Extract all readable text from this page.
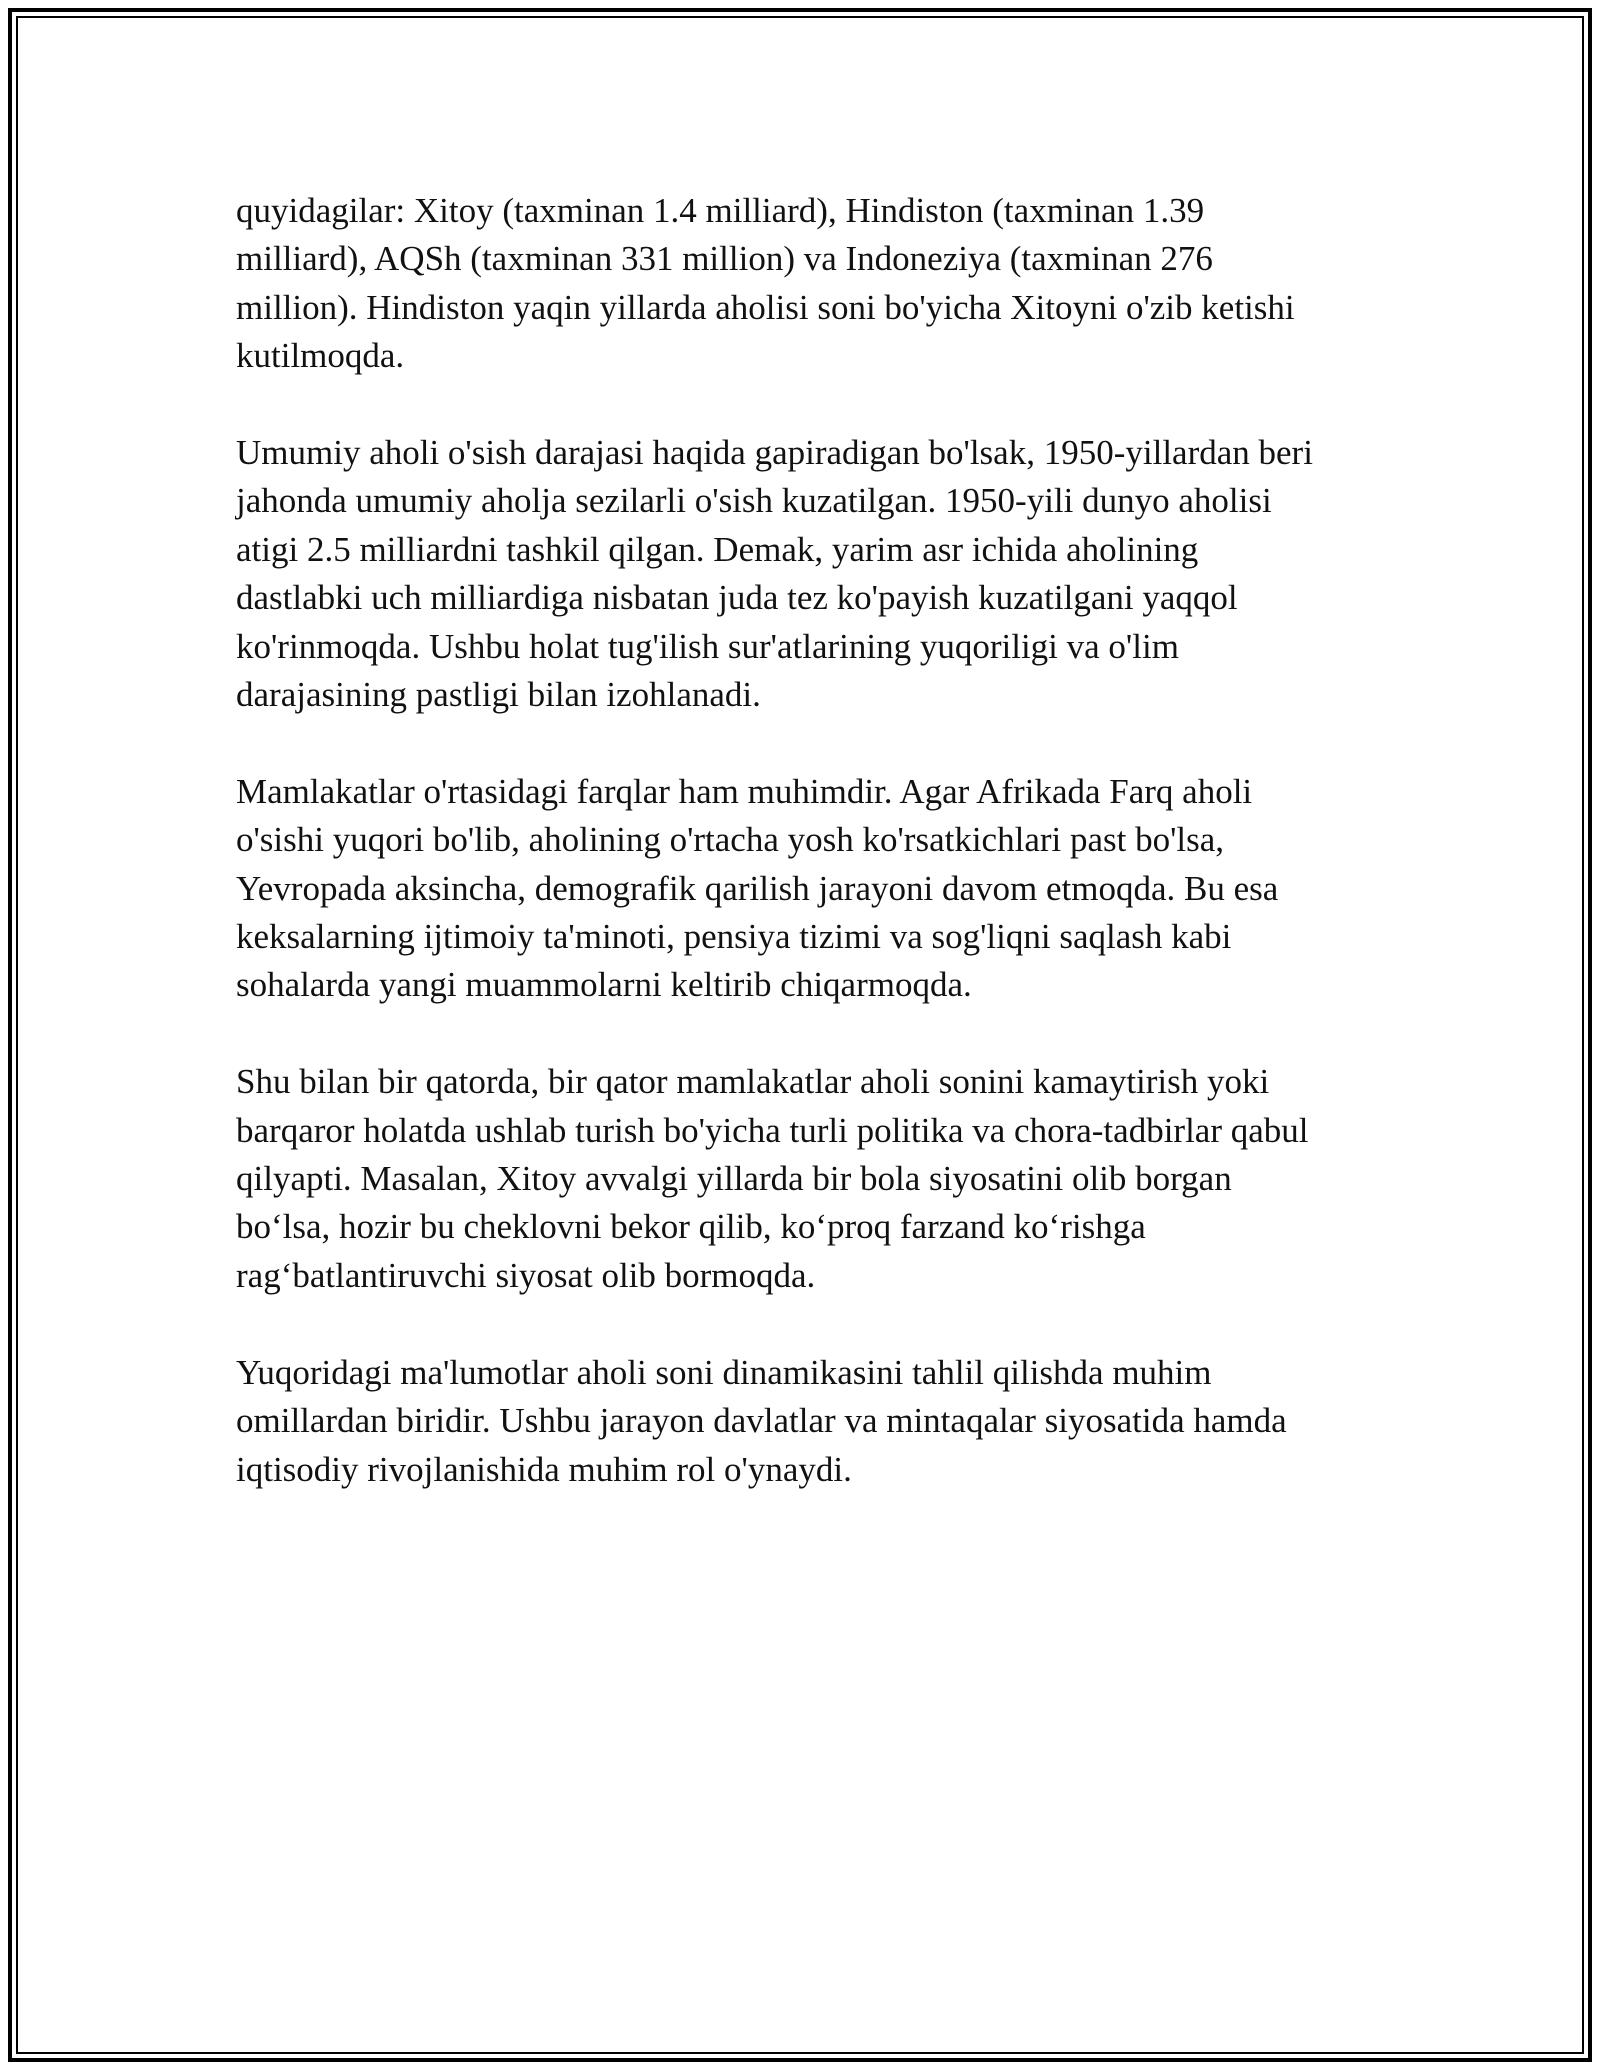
quyidagilar: Xitoy (taxminan 1.4 milliard), Hindiston (taxminan 1.39
milliard), AQSh (taxminan 331 million) va Indoneziya (taxminan 276
million). Hindiston yaqin yillarda aholisi soni bo'yicha Xitoyni o'zib ketishi
kutilmoqda.

Umumiy aholi o'sish darajasi haqida gapiradigan bo'lsak, 1950-yillardan beri
jahonda umumiy aholja sezilarli o'sish kuzatilgan. 1950-yili dunyo aholisi
atigi 2.5 milliardni tashkil qilgan. Demak, yarim asr ichida aholining
dastlabki uch milliardiga nisbatan juda tez ko'payish kuzatilgani yaqqol
ko'rinmoqda. Ushbu holat tug'ilish sur'atlarining yuqoriligi va o'lim
darajasining pastligi bilan izohlanadi.

Mamlakatlar o'rtasidagi farqlar ham muhimdir. Agar Afrikada Farq aholi
o'sishi yuqori bo'lib, aholining o'rtacha yosh ko'rsatkichlari past bo'lsa,
Yevropada aksincha, demografik qarilish jarayoni davom etmoqda. Bu esa
keksalarning ijtimoiy ta'minoti, pensiya tizimi va sog'liqni saqlash kabi
sohalarda yangi muammolarni keltirib chiqarmoqda.

Shu bilan bir qatorda, bir qator mamlakatlar aholi sonini kamaytirish yoki
barqaror holatda ushlab turish bo'yicha turli politika va chora-tadbirlar qabul
qilyapti. Masalan, Xitoy avvalgi yillarda bir bola siyosatini olib borgan
bo‘lsa, hozir bu cheklovni bekor qilib, ko‘proq farzand ko‘rishga
rag‘batlantiruvchi siyosat olib bormoqda.

Yuqoridagi ma'lumotlar aholi soni dinamikasini tahlil qilishda muhim
omillardan biridir. Ushbu jarayon davlatlar va mintaqalar siyosatida hamda
iqtisodiy rivojlanishida muhim rol o'ynaydi.
